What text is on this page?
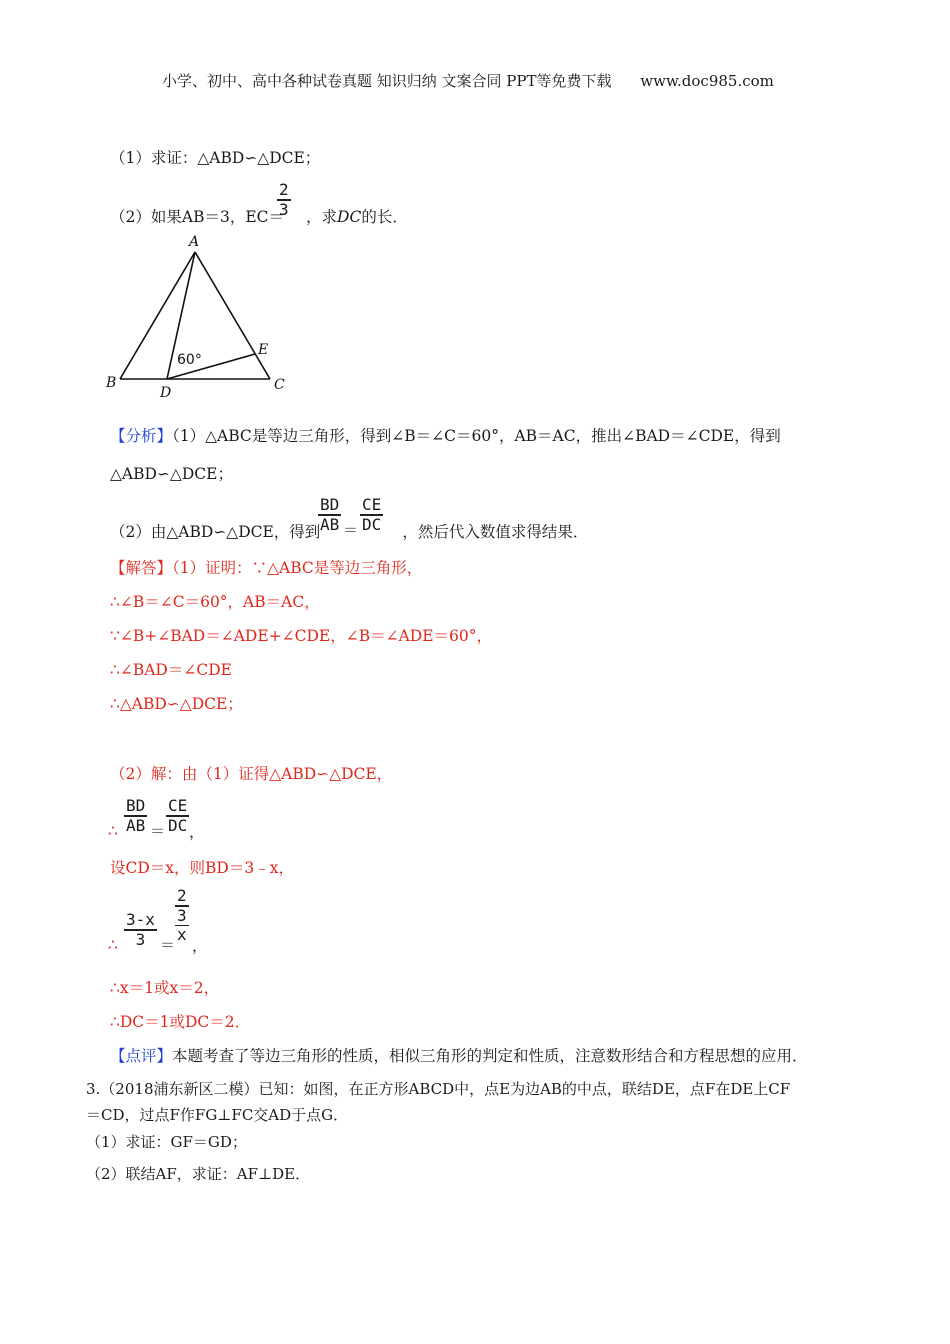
小学、初中、高中各种试卷真题 知识归纳 文案合同 PPT等免费下载 www.doc985.com
（1）求证：△ABD∽△DCE；
（2）如果AB＝3，EC＝ ，求DC的长．
2
3
A
B	C
D
E
60°
【分析】（1）△ABC是等边三角形，得到∠B＝∠C＝60°，AB＝AC，推出∠BAD＝∠CDE，得到
△ABD∽△DCE；
（2）由△ABD∽△DCE，得到	，然后代入数值求得结果．
BD
AB ＝
CE
DC
【解答】（1）证明：∵△ABC是等边三角形，
∴∠B＝∠C＝60°，AB＝AC，
∵∠B+∠BAD＝∠ADE+∠CDE，∠B＝∠ADE＝60°，
∴∠BAD＝∠CDE
∴△ABD∽△DCE；
（2）解：由（1）证得△ABD∽△DCE，
∴
BD
AB ＝
CE
DC ，
设CD＝x，则BD＝3﹣x，
∴
3-x
3 ＝
2
3
x
，
∴x＝1或x＝2，
∴DC＝1或DC＝2．
【点评】本题考查了等边三角形的性质，相似三角形的判定和性质，注意数形结合和方程思想的应用．
3.（2018浦东新区二模）已知：如图，在正方形ABCD中，点E为边AB的中点，联结DE，点F在DE上CF
＝CD，过点F作FG⊥FC交AD于点G．
（1）求证：GF＝GD；
（2）联结AF，求证：AF⊥DE．
